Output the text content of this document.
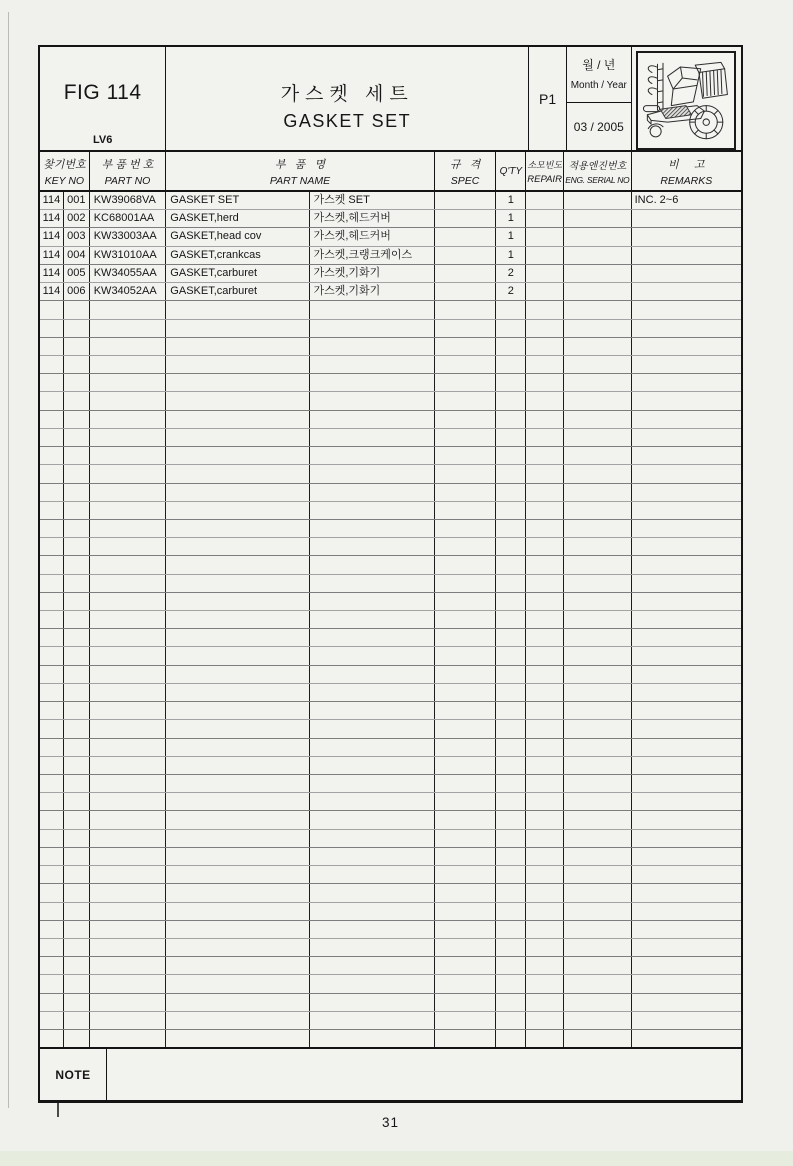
FIG 114
LV6
가스켓 세트
GASKET SET
P1
월 / 년
Month / Year
03 / 2005
찾기번호
KEY NO
부 품 번 호
PART NO
부   품   명
PART NAME
규   격
SPEC
Q'TY
소모빈도
REPAIR
적용엔진번호
ENG. SERIAL NO
비     고
REMARKS
114 001 KW39068VA	GASKET SET	가스켓 SET	1	INC. 2~6
114 002 KC68001AA	GASKET,herd	가스켓,헤드커버	1
114 003 KW33003AA	GASKET,head cov	가스켓,헤드커버	1
114 004 KW31010AA	GASKET,crankcas	가스켓,크랭크케이스	1
114 005 KW34055AA	GASKET,carburet	가스켓,기화기	2
114 006 KW34052AA	GASKET,carburet	가스켓,기화기	2
NOTE
31
